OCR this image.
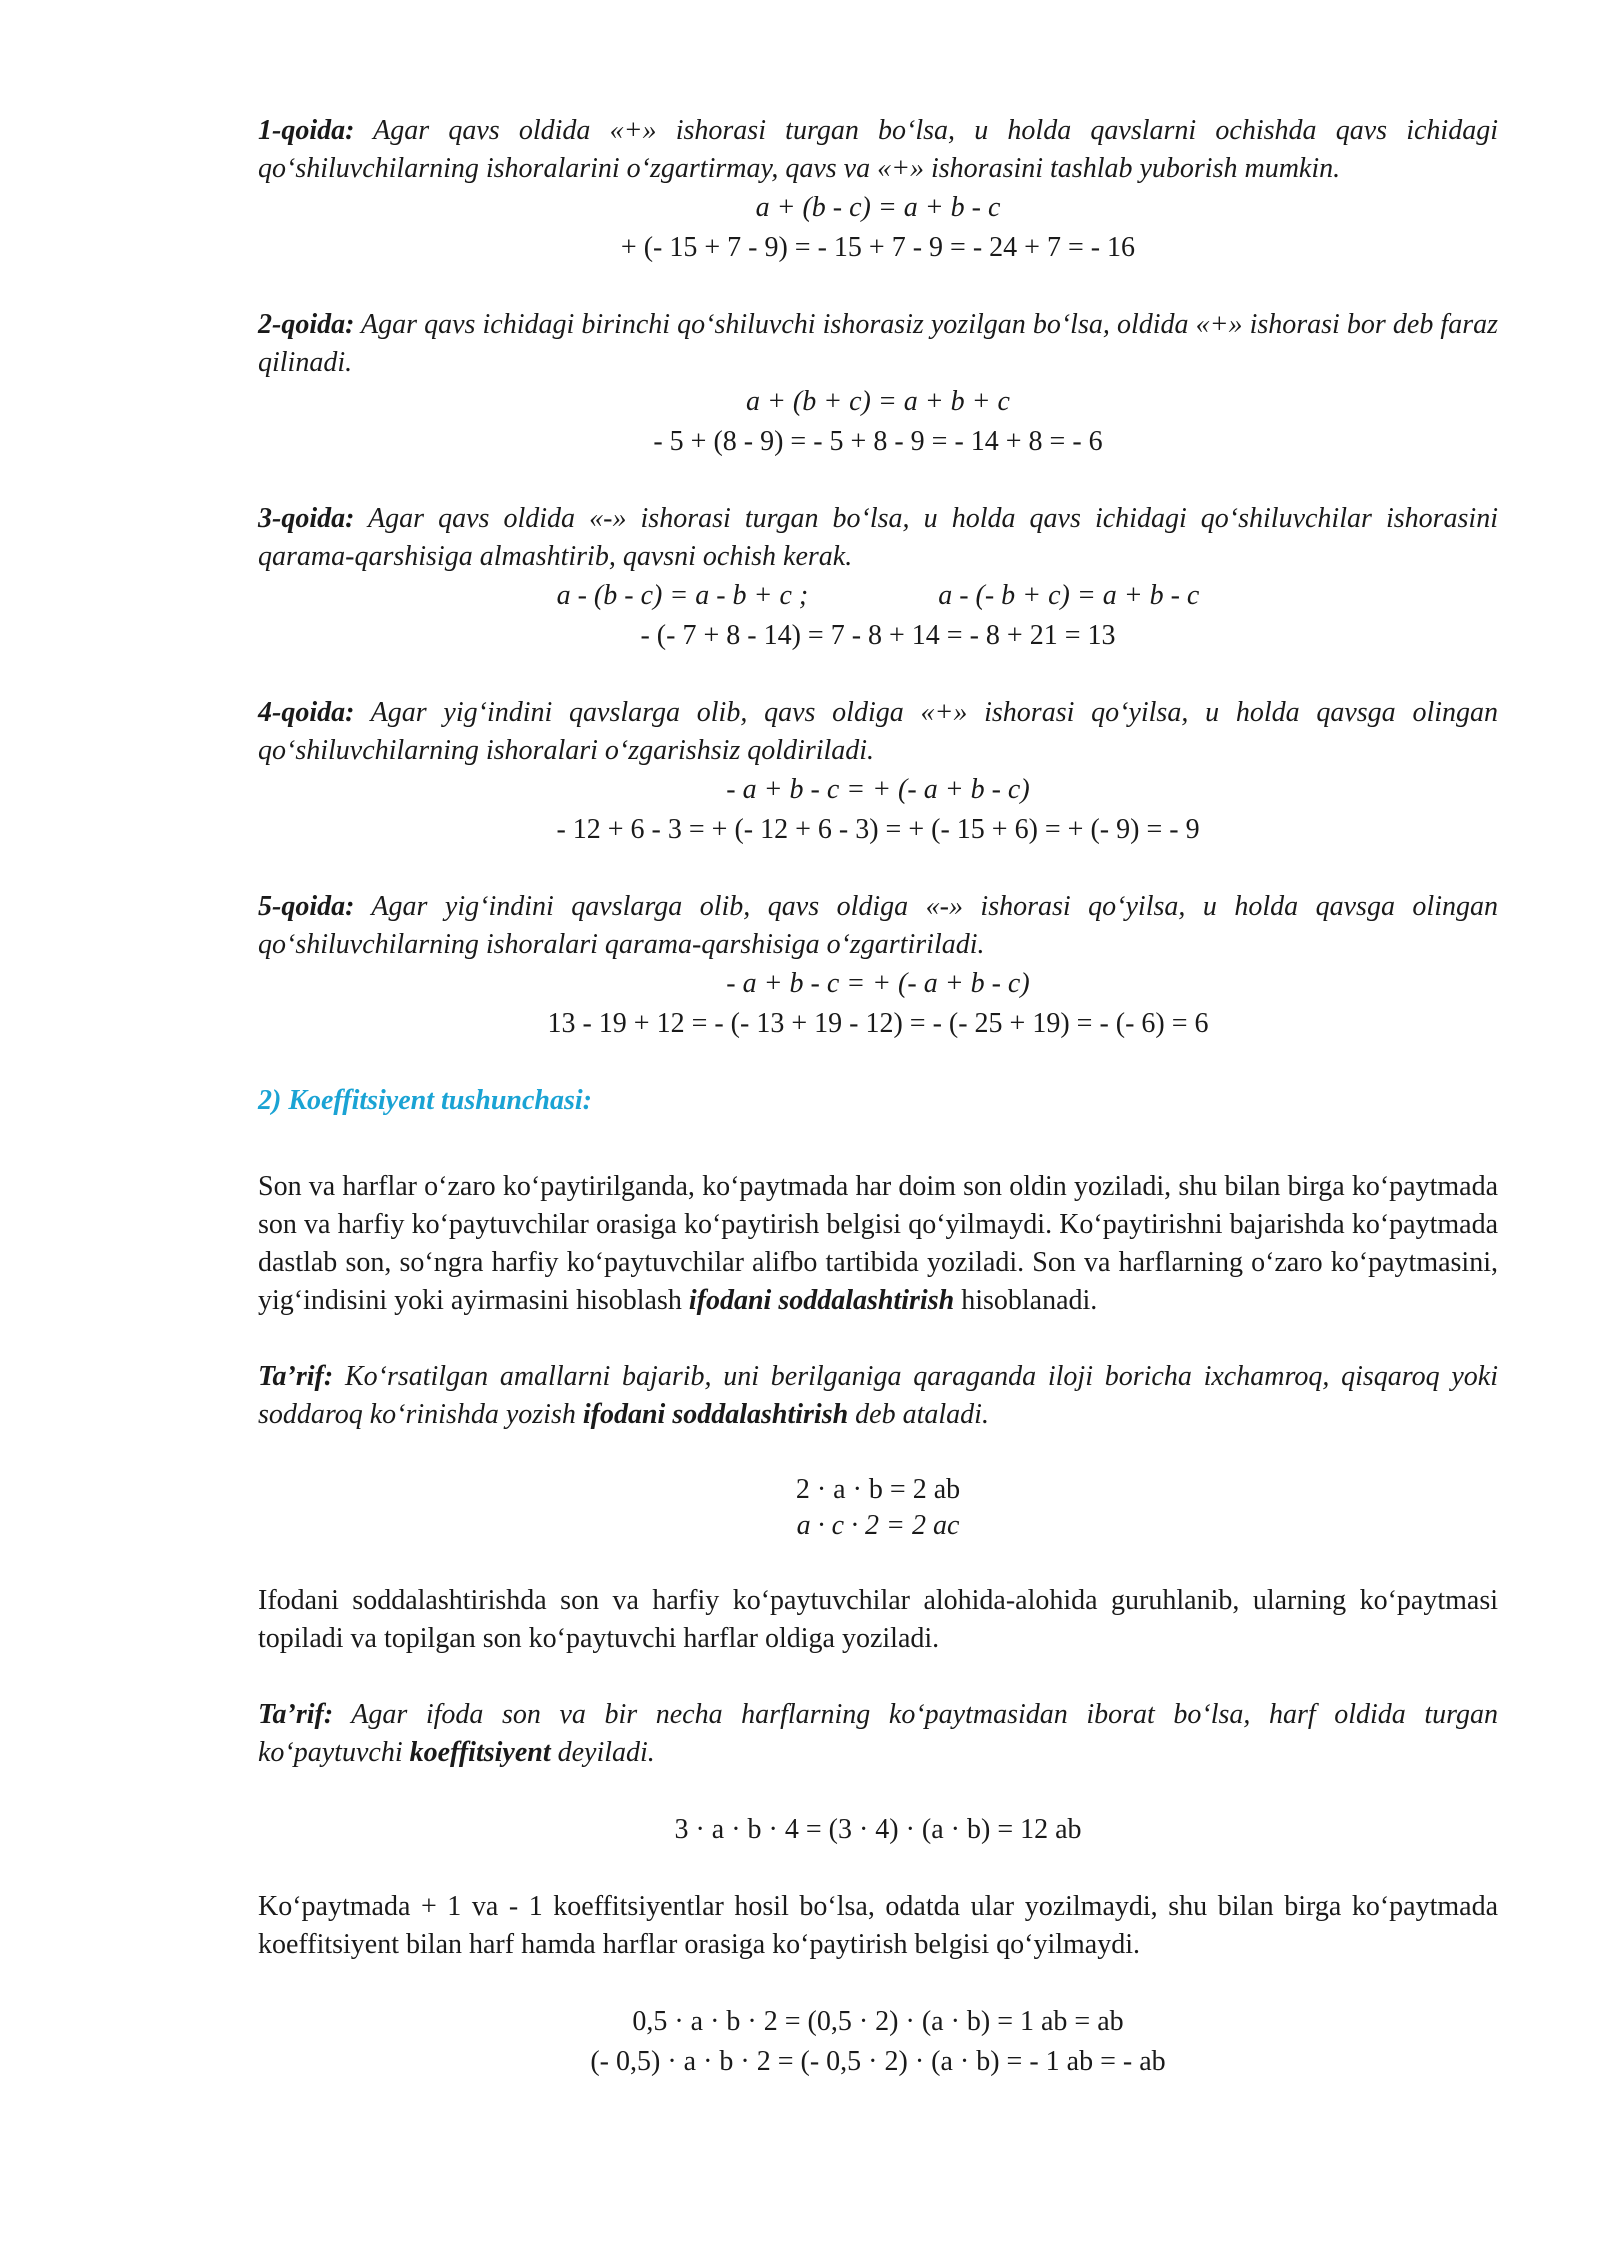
1-qoida: Agar qavs oldida «+» ishorasi turgan bo‘lsa, u holda qavslarni ochishda qavs ichidagi qo‘shiluvchilarning ishoralarini o‘zgartirmay, qavs va «+» ishorasini tashlab yuborish mumkin.

a + (b - c) = a + b - c

+ (- 15 + 7 - 9) = - 15 + 7 - 9 = - 24 + 7 = - 16

2-qoida: Agar qavs ichidagi birinchi qo‘shiluvchi ishorasiz yozilgan bo‘lsa, oldida «+» ishorasi bor deb faraz qilinadi.

a + (b + c) = a + b + c

- 5 + (8 - 9) = - 5 + 8 - 9 = - 14 + 8 = - 6

3-qoida: Agar qavs oldida «-» ishorasi turgan bo‘lsa, u holda qavs ichidagi qo‘shiluvchilar ishorasini qarama-qarshisiga almashtirib, qavsni ochish kerak.

a - (b - c) = a - b + c ;	a - (- b + c) = a + b - c

- (- 7 + 8 - 14) = 7 - 8 + 14 = - 8 + 21 = 13

4-qoida: Agar yig‘indini qavslarga olib, qavs oldiga «+» ishorasi qo‘yilsa, u holda qavsga olingan qo‘shiluvchilarning ishoralari o‘zgarishsiz qoldiriladi.

- a + b - c = + (- a + b - c)

- 12 + 6 - 3 = + (- 12 + 6 - 3) = + (- 15 + 6) = + (- 9) = - 9

5-qoida: Agar yig‘indini qavslarga olib, qavs oldiga «-» ishorasi qo‘yilsa, u holda qavsga olingan qo‘shiluvchilarning ishoralari qarama-qarshisiga o‘zgartiriladi.

- a + b - c = + (- a + b - c)

13 - 19 + 12 = - (- 13 + 19 - 12) = - (- 25 + 19) = - (- 6) = 6

2) Koeffitsiyent tushunchasi:

Son va harflar o‘zaro ko‘paytirilganda, ko‘paytmada har doim son oldin yoziladi, shu bilan birga ko‘paytmada son va harfiy ko‘paytuvchilar orasiga ko‘paytirish belgisi qo‘yilmaydi. Ko‘paytirishni bajarishda ko‘paytmada dastlab son, so‘ngra harfiy ko‘paytuvchilar alifbo tartibida yoziladi. Son va harflarning o‘zaro ko‘paytmasini, yig‘indisini yoki ayirmasini hisoblash ifodani soddalashtirish hisoblanadi.

Ta’rif: Ko‘rsatilgan amallarni bajarib, uni berilganiga qaraganda iloji boricha ixchamroq, qisqaroq yoki soddaroq ko‘rinishda yozish ifodani soddalashtirish deb ataladi.

2 · a · b = 2 ab

a · c · 2 = 2 ac

Ifodani soddalashtirishda son va harfiy ko‘paytuvchilar alohida-alohida guruhlanib, ularning ko‘paytmasi topiladi va topilgan son ko‘paytuvchi harflar oldiga yoziladi.

Ta’rif: Agar ifoda son va bir necha harflarning ko‘paytmasidan iborat bo‘lsa, harf oldida turgan ko‘paytuvchi koeffitsiyent deyiladi.

3 · a · b · 4 = (3 · 4) · (a · b) = 12 ab

Ko‘paytmada + 1 va - 1 koeffitsiyentlar hosil bo‘lsa, odatda ular yozilmaydi, shu bilan birga ko‘paytmada koeffitsiyent bilan harf hamda harflar orasiga ko‘paytirish belgisi qo‘yilmaydi.

0,5 · a · b · 2 = (0,5 · 2) · (a · b) = 1 ab = ab

(- 0,5) · a · b · 2 = (- 0,5 · 2) · (a · b) = - 1 ab = - ab
